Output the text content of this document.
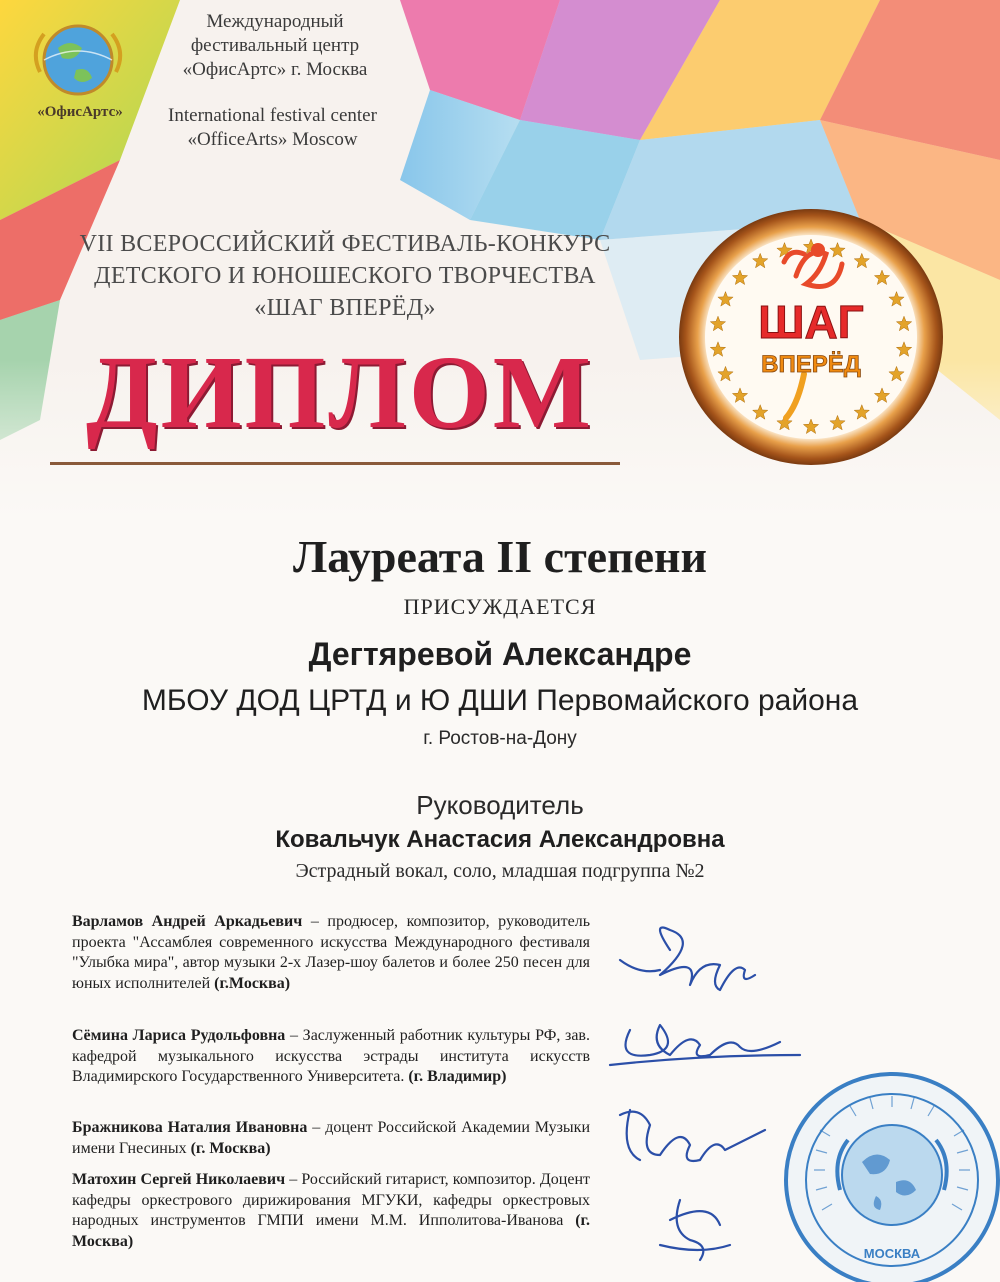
Международный
фестивальный центр
«ОфисАртс» г. Москва
«ОфисАртс»	International festival center
«OfficeArts» Moscow
VII ВСЕРОССИЙСКИЙ ФЕСТИВАЛЬ-КОНКУРС
ДЕТСКОГО И ЮНОШЕСКОГО ТВОРЧЕСТВА
«ШАГ ВПЕРЁД»	ШАГ
ВПЕРЁД
ДИПЛОМ
Лауреата II степени
ПРИСУЖДАЕТСЯ
Дегтяревой Александре
МБОУ ДОД ЦРТД и Ю ДШИ Первомайского района
г. Ростов-на-Дону
Руководитель
Ковальчук Анастасия Александровна
Эстрадный вокал, соло, младшая подгруппа №2
Варламов Андрей Аркадьевич – продюсер, композитор, руководитель проекта "Ассамблея современного искусства Международного фестиваля "Улыбка мира", автор музыки 2-х Лазер-шоу балетов и более 250 песен для юных исполнителей (г.Москва)
Сёмина Лариса Рудольфовна – Заслуженный работник культуры РФ, зав. кафедрой музыкального искусства эстрады института искусств Владимирского Государственного Университета. (г. Владимир)
Бражникова Наталия Ивановна – доцент Российской Академии Музыки имени Гнесиных (г. Москва)
Матохин Сергей Николаевич – Российский гитарист, композитор. Доцент кафедры оркестрового дирижирования МГУКИ, кафедры оркестровых народных инструментов ГМПИ имени М.М. Ипполитова-Иванова (г. Москва)
МОСКВА
